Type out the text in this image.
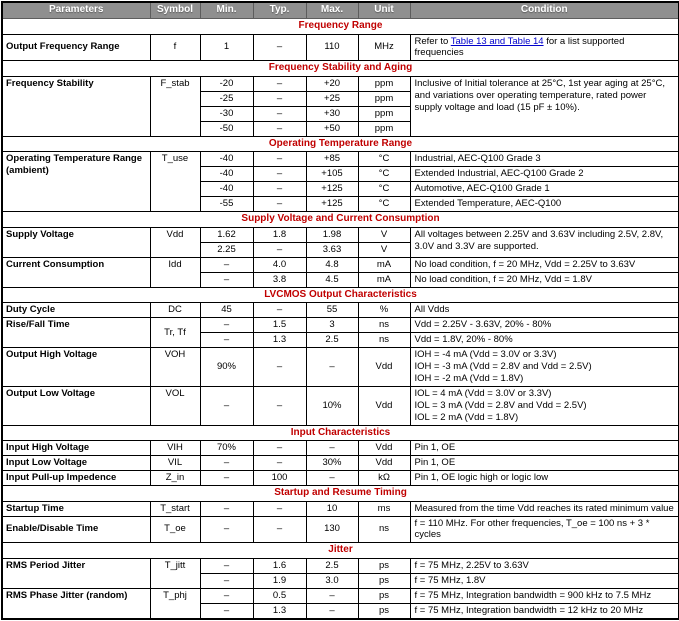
Parameters	Symbol	Min.	Typ.	Max.	Unit	Condition
Frequency Range						
Output Frequency Range	f	1	–	110	MHz	Refer to Table 13 and Table 14 for a list supported frequencies
Frequency Stability and Aging						
Frequency Stability	F_stab	-20	–	+20	ppm	Inclusive of Initial tolerance at 25°C, 1st year aging at 25°C, and variations over operating temperature, rated power supply voltage and load (15 pF ± 10%).
		-25	–	+25	ppm	
		-30	–	+30	ppm	
		-50	–	+50	ppm	
Operating Temperature Range						
Operating Temperature Range (ambient)	T_use	-40	–	+85	°C	Industrial, AEC-Q100 Grade 3
		-40	–	+105	°C	Extended Industrial, AEC-Q100 Grade 2
		-40	–	+125	°C	Automotive, AEC-Q100 Grade 1
		-55	–	+125	°C	Extended Temperature, AEC-Q100
Supply Voltage and Current Consumption						
Supply Voltage	Vdd	1.62	1.8	1.98	V	All voltages between 2.25V and 3.63V including 2.5V, 2.8V, 3.0V and 3.3V are supported.
		2.25	–	3.63	V	
Current Consumption	Idd	–	4.0	4.8	mA	No load condition, f = 20 MHz, Vdd = 2.25V to 3.63V
		–	3.8	4.5	mA	No load condition, f = 20 MHz, Vdd = 1.8V
LVCMOS Output Characteristics						
Duty Cycle	DC	45	–	55	%	All Vdds
Rise/Fall Time	Tr, Tf	–	1.5	3	ns	Vdd = 2.25V - 3.63V, 20% - 80%
		–	1.3	2.5	ns	Vdd = 1.8V, 20% - 80%
Output High Voltage	VOH	90%	–	–	Vdd	IOH = -4 mA (Vdd = 3.0V or 3.3V)
IOH = -3 mA (Vdd = 2.8V and Vdd = 2.5V)
IOH = -2 mA (Vdd = 1.8V)

Output Low Voltage	VOL	–	–	10%	Vdd	IOL = 4 mA (Vdd = 3.0V or 3.3V)
IOL = 3 mA (Vdd = 2.8V and Vdd = 2.5V)
IOL = 2 mA (Vdd = 1.8V)

Input Characteristics						
Input High Voltage	VIH	70%	–	–	Vdd	Pin 1, OE
Input Low Voltage	VIL	–	–	30%	Vdd	Pin 1, OE
Input Pull-up Impedence	Z_in	–	100	–	kΩ	Pin 1, OE logic high or logic low
Startup and Resume Timing						
Startup Time	T_start	–	–	10	ms	Measured from the time Vdd reaches its rated minimum value
Enable/Disable Time	T_oe	–	–	130	ns	f = 110 MHz. For other frequencies, T_oe = 100 ns + 3 * cycles
Jitter						
RMS Period Jitter	T_jitt	–	1.6	2.5	ps	f = 75 MHz, 2.25V to 3.63V
		–	1.9	3.0	ps	f = 75 MHz, 1.8V
RMS Phase Jitter (random)	T_phj	–	0.5	–	ps	f = 75 MHz, Integration bandwidth = 900 kHz to 7.5 MHz
		–	1.3	–	ps	f = 75 MHz, Integration bandwidth = 12 kHz to 20 MHz
